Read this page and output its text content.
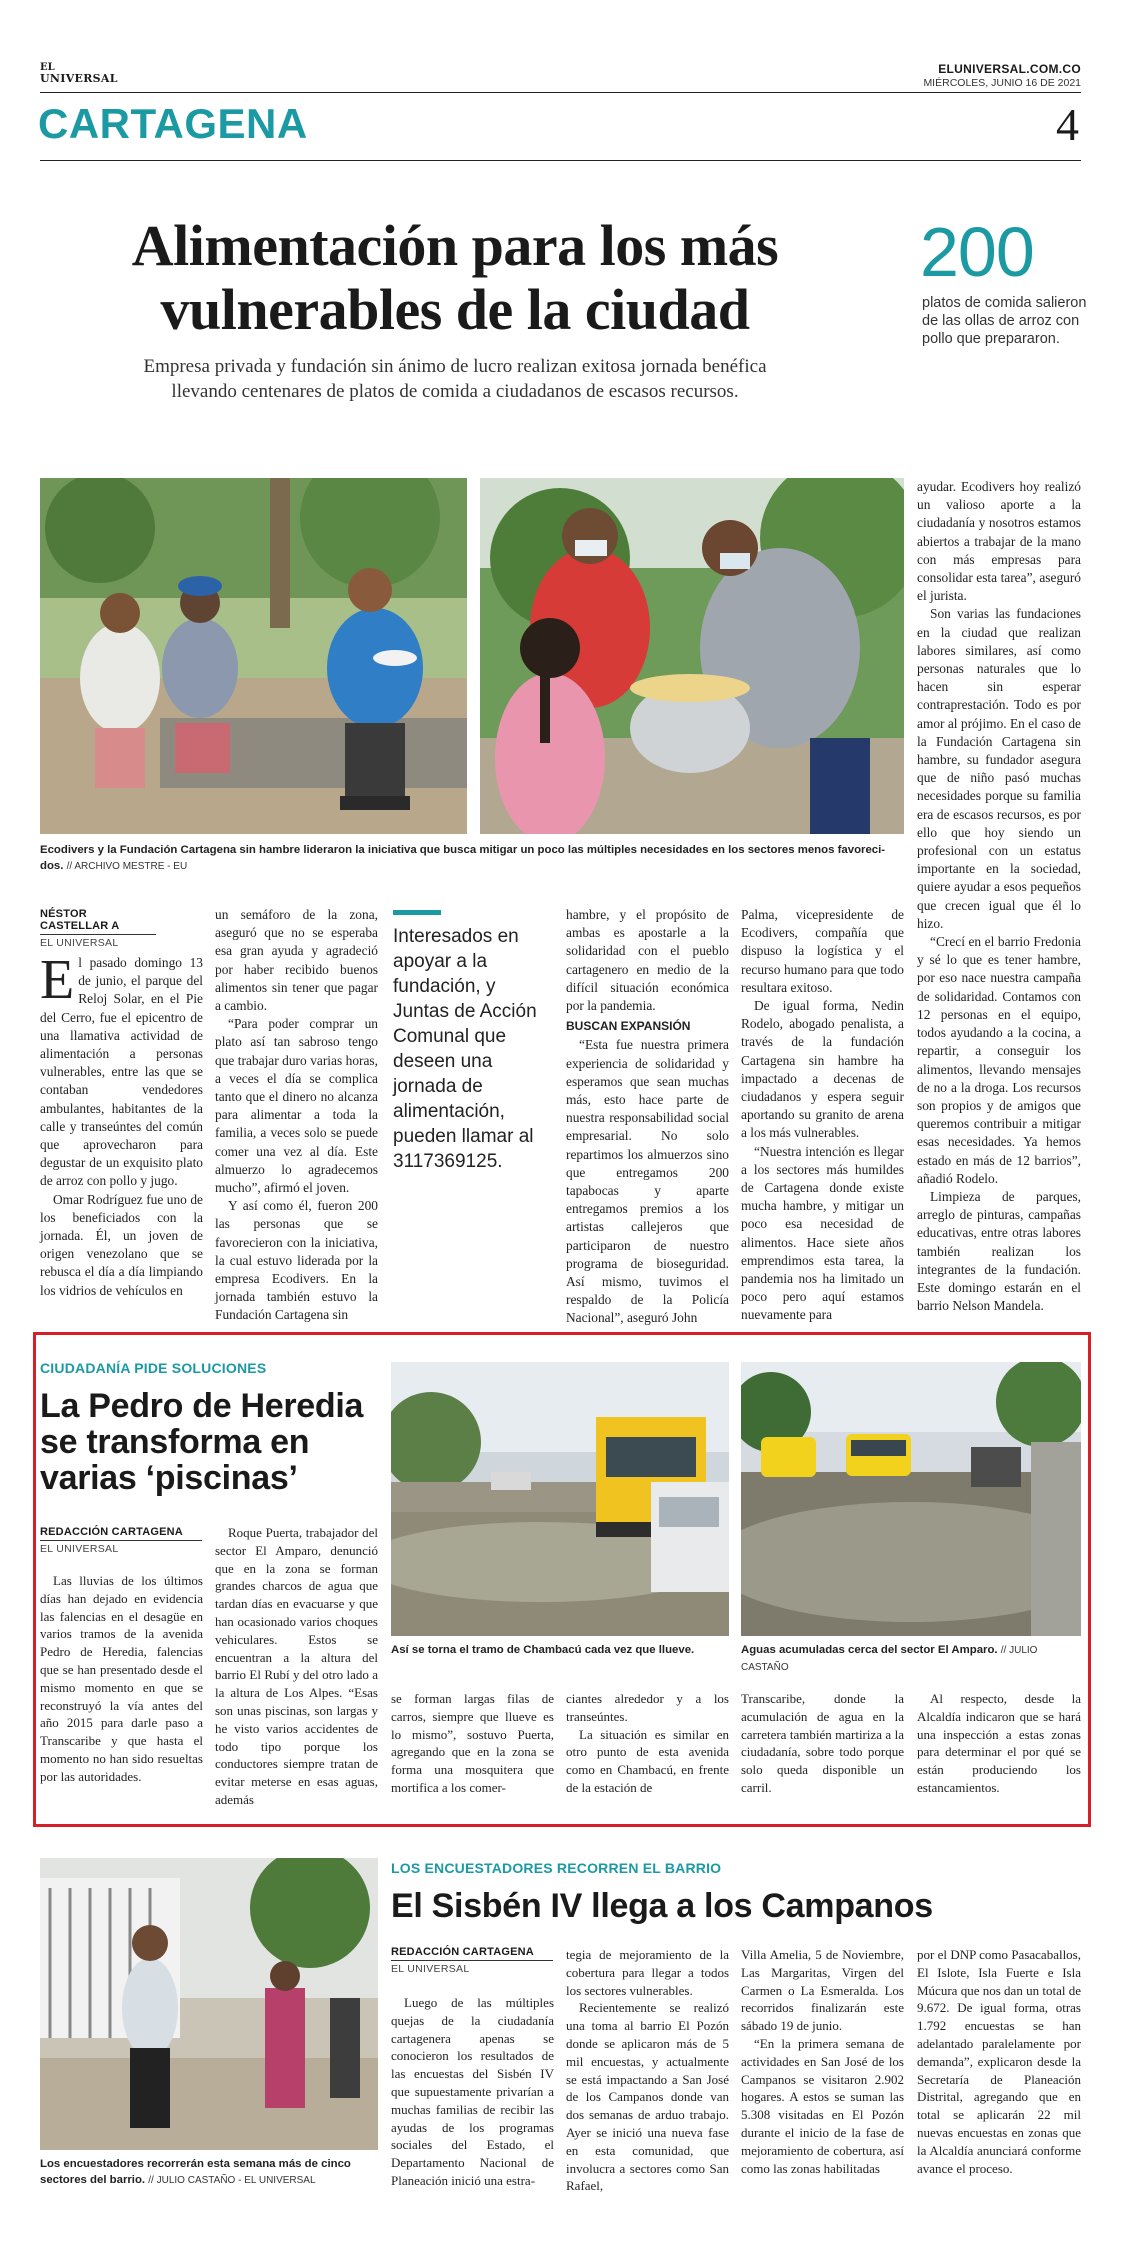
EL
UNIVERSAL
ELUNIVERSAL.COM.CO
MIÉRCOLES, JUNIO 16 DE 2021
CARTAGENA	4
Alimentación para los más
vulnerables de la ciudad
Empresa privada y fundación sin ánimo de lucro realizan exitosa jornada benéfica
llevando centenares de platos de comida a ciudadanos de escasos recursos.
200
platos de comida salieron
de las ollas de arroz con
pollo que prepararon.
Ecodivers y la Fundación Cartagena sin hambre lideraron la iniciativa que busca mitigar un poco las múltiples necesidades en los sectores menos favoreci- dos. // ARCHIVO MESTRE - EU
NÉSTOR CASTELLAR A
EL UNIVERSAL

El pasado domingo 13 de junio, el parque del Reloj Solar, en el Pie del Cerro, fue el epicentro de una llamativa actividad de alimentación a personas vulnerables, entre las que se contaban vendedores ambulantes, habitantes de la calle y transeúntes del común que aprovecharon para degustar de un exquisito plato de arroz con pollo y jugo.

Omar Rodríguez fue uno de los beneficiados con la jornada. Él, un joven de origen venezolano que se rebusca el día a día limpiando los vidrios de vehículos en

un semáforo de la zona, aseguró que no se esperaba esa gran ayuda y agradeció por haber recibido buenos alimentos sin tener que pagar a cambio.

“Para poder comprar un plato así tan sabroso tengo que trabajar duro varias horas, a veces el día se complica tanto que el dinero no alcanza para alimentar a toda la familia, a veces solo se puede comer una vez al día. Este almuerzo lo agradecemos mucho”, afirmó el joven.

Y así como él, fueron 200 las personas que se favorecieron con la iniciativa, la cual estuvo liderada por la empresa Ecodivers. En la jornada también estuvo la Fundación Cartagena sin

Interesados en apoyar a la fundación, y Juntas de Acción Comunal que deseen una jornada de alimentación, pueden llamar al 3117369125.

hambre, y el propósito de ambas es apostarle a la solidaridad con el pueblo cartagenero en medio de la difícil situación económica por la pandemia.

BUSCAN EXPANSIÓN

“Esta fue nuestra primera experiencia de solidaridad y esperamos que sean muchas más, esto hace parte de nuestra responsabilidad social empresarial. No solo repartimos los almuerzos sino que entregamos 200 tapabocas y aparte entregamos premios a los artistas callejeros que participaron de nuestro programa de bioseguridad. Así mismo, tuvimos el respaldo de la Policía Nacional”, aseguró John

Palma, vicepresidente de Ecodivers, compañía que dispuso la logística y el recurso humano para que todo resultara exitoso.

De igual forma, Nedin Rodelo, abogado penalista, a través de la fundación Cartagena sin hambre ha impactado a decenas de ciudadanos y espera seguir aportando su granito de arena a los más vulnerables.

“Nuestra intención es llegar a los sectores más humildes de Cartagena donde existe mucha hambre, y mitigar un poco esa necesidad de alimentos. Hace siete años emprendimos esta tarea, la pandemia nos ha limitado un poco pero aquí estamos nuevamente para

ayudar. Ecodivers hoy realizó un valioso aporte a la ciudadanía y nosotros estamos abiertos a trabajar de la mano con más empresas para consolidar esta tarea”, aseguró el jurista.

Son varias las fundaciones en la ciudad que realizan labores similares, así como personas naturales que lo hacen sin esperar contraprestación. Todo es por amor al prójimo. En el caso de la Fundación Cartagena sin hambre, su fundador asegura que de niño pasó muchas necesidades porque su familia era de escasos recursos, es por ello que hoy siendo un profesional con un estatus importante en la sociedad, quiere ayudar a esos pequeños que crecen igual que él lo hizo.

“Crecí en el barrio Fredonia y sé lo que es tener hambre, por eso nace nuestra campaña de solidaridad. Contamos con 12 personas en el equipo, todos ayudando a la cocina, a repartir, a conseguir los alimentos, llevando mensajes de no a la droga. Los recursos son propios y de amigos que queremos contribuir a mitigar esas necesidades. Ya hemos estado en más de 12 barrios”, añadió Rodelo.

Limpieza de parques, arreglo de pinturas, campañas educativas, entre otras labores también realizan los integrantes de la fundación. Este domingo estarán en el barrio Nelson Mandela.

CIUDADANÍA PIDE SOLUCIONES
La Pedro de Heredia
se transforma en
varias ‘piscinas’
REDACCIÓN CARTAGENA
EL UNIVERSAL

Las lluvias de los últimos días han dejado en evidencia las falencias en el desagüe en varios tramos de la avenida Pedro de Heredia, falencias que se han presentado desde el mismo momento en que se reconstruyó la vía antes del año 2015 para darle paso a Transcaribe y que hasta el momento no han sido resueltas por las autoridades.

Roque Puerta, trabajador del sector El Amparo, denunció que en la zona se forman grandes charcos de agua que tardan días en evacuarse y que han ocasionado varios choques vehiculares. Estos se encuentran a la altura del barrio El Rubí y del otro lado a la altura de Los Alpes. “Esas son unas piscinas, son largas y he visto varios accidentes de todo tipo porque los conductores siempre tratan de evitar meterse en esas aguas, además

Así se torna el tramo de Chambacú cada vez que llueve.	Aguas acumuladas cerca del sector El Amparo. // JULIO CASTAÑO

se forman largas filas de carros, siempre que llueve es lo mismo”, sostuvo Puerta, agregando que en la zona se forma una mosquitera que mortifica a los comer-

ciantes alrededor y a los transeúntes.

La situación es similar en otro punto de esta avenida como en Chambacú, en frente de la estación de

Transcaribe, donde la acumulación de agua en la carretera también martiriza a la ciudadanía, sobre todo porque solo queda disponible un carril.

Al respecto, desde la Alcaldía indicaron que se hará una inspección a estas zonas para determinar el por qué se están produciendo los estancamientos.

Los encuestadores recorrerán esta semana más de cinco sectores del barrio. // JULIO CASTAÑO - EL UNIVERSAL
LOS ENCUESTADORES RECORREN EL BARRIO
El Sisbén IV llega a los Campanos
REDACCIÓN CARTAGENA
EL UNIVERSAL

Luego de las múltiples quejas de la ciudadanía cartagenera apenas se conocieron los resultados de las encuestas del Sisbén IV que supuestamente privarían a muchas familias de recibir las ayudas de los programas sociales del Estado, el Departamento Nacional de Planeación inició una estra-

tegia de mejoramiento de la cobertura para llegar a todos los sectores vulnerables.

Recientemente se realizó una toma al barrio El Pozón donde se aplicaron más de 5 mil encuestas, y actualmente se está impactando a San José de los Campanos donde van dos semanas de arduo trabajo. Ayer se inició una nueva fase en esta comunidad, que involucra a sectores como San Rafael,

Villa Amelia, 5 de Noviembre, Las Margaritas, Virgen del Carmen o La Esmeralda. Los recorridos finalizarán este sábado 19 de junio.

“En la primera semana de actividades en San José de los Campanos se visitaron 2.902 hogares. A estos se suman las 5.308 visitadas en El Pozón durante el inicio de la fase de mejoramiento de cobertura, así como las zonas habilitadas

por el DNP como Pasacaballos, El Islote, Isla Fuerte e Isla Múcura que nos dan un total de 9.672. De igual forma, otras 1.792 encuestas se han adelantado paralelamente por demanda”, explicaron desde la Secretaría de Planeación Distrital, agregando que en total se aplicarán 22 mil nuevas encuestas en zonas que la Alcaldía anunciará conforme avance el proceso.
